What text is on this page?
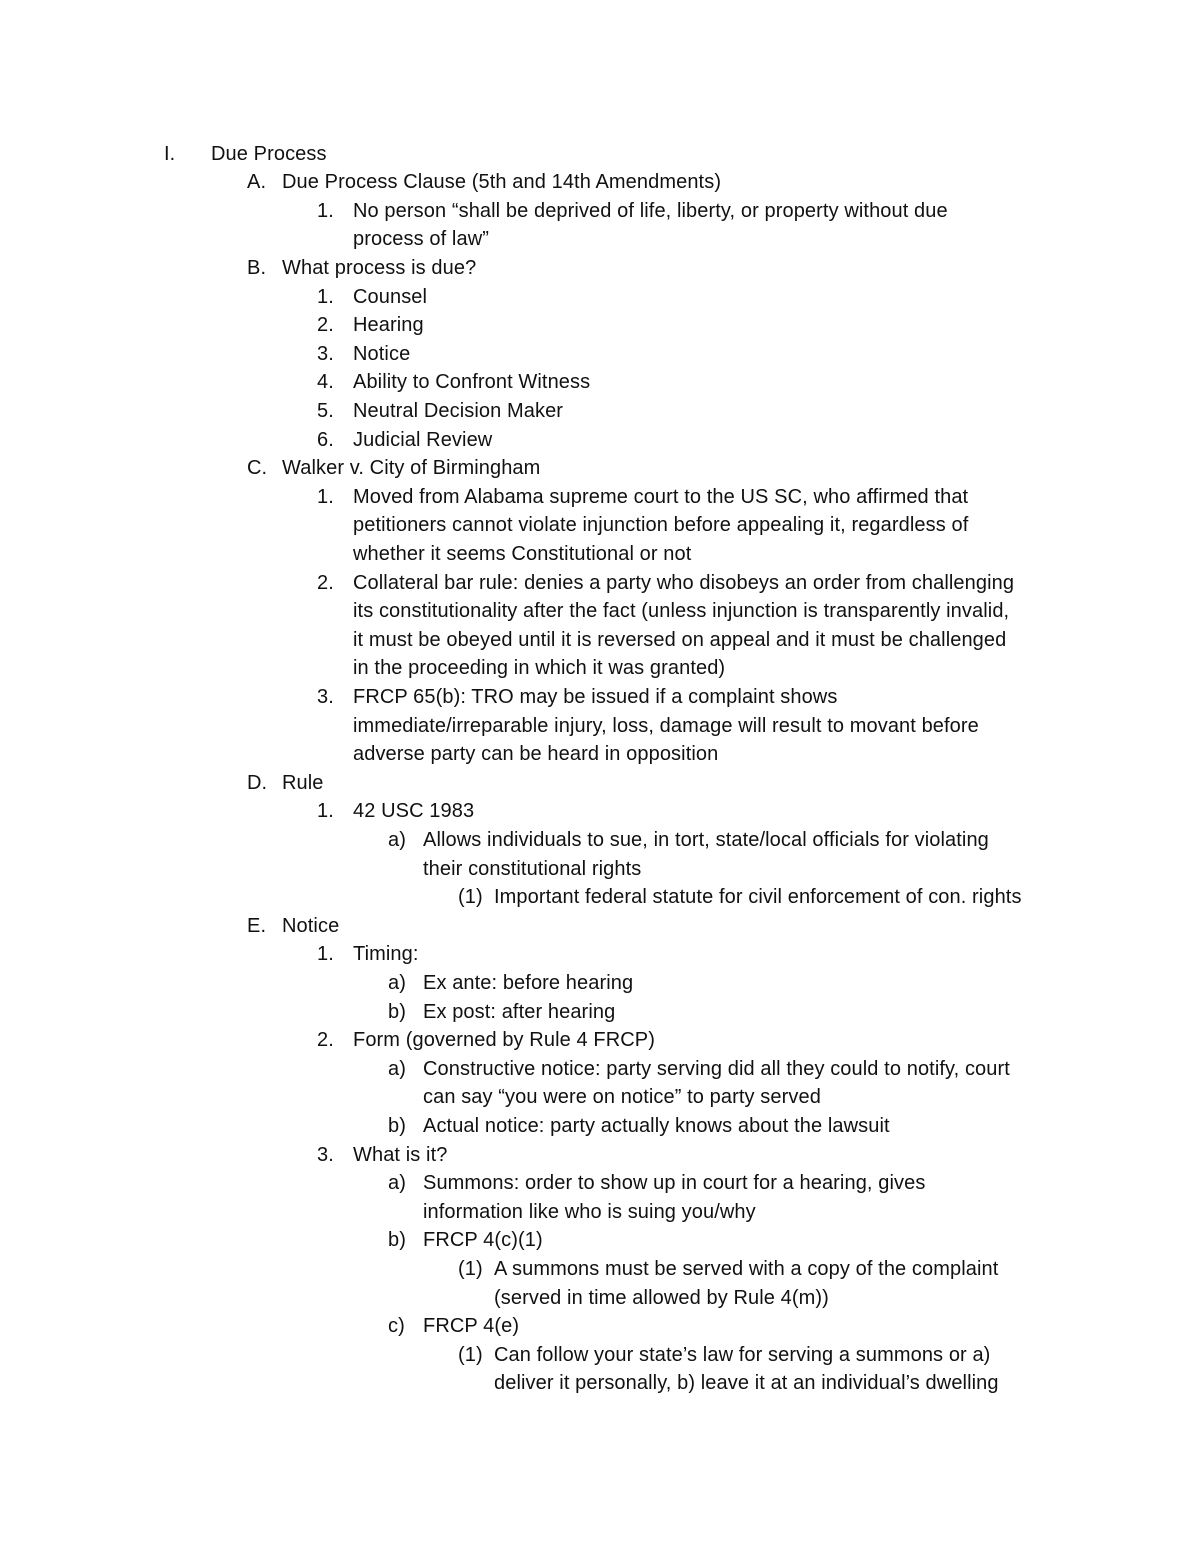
I. Due Process
A. Due Process Clause (5th and 14th Amendments)
1. No person “shall be deprived of life, liberty, or property without due
process of law”
B. What process is due?
1. Counsel
2. Hearing
3. Notice
4. Ability to Confront Witness
5. Neutral Decision Maker
6. Judicial Review
C. Walker v. City of Birmingham
1. Moved from Alabama supreme court to the US SC, who affirmed that
petitioners cannot violate injunction before appealing it, regardless of
whether it seems Constitutional or not
2. Collateral bar rule: denies a party who disobeys an order from challenging
its constitutionality after the fact (unless injunction is transparently invalid,
it must be obeyed until it is reversed on appeal and it must be challenged
in the proceeding in which it was granted)
3. FRCP 65(b): TRO may be issued if a complaint shows
immediate/irreparable injury, loss, damage will result to movant before
adverse party can be heard in opposition
D. Rule
1. 42 USC 1983
a) Allows individuals to sue, in tort, state/local officials for violating
their constitutional rights
(1) Important federal statute for civil enforcement of con. rights
E. Notice
1. Timing:
a) Ex ante: before hearing
b) Ex post: after hearing
2. Form (governed by Rule 4 FRCP)
a) Constructive notice: party serving did all they could to notify, court
can say “you were on notice” to party served
b) Actual notice: party actually knows about the lawsuit
3. What is it?
a) Summons: order to show up in court for a hearing, gives
information like who is suing you/why
b) FRCP 4(c)(1)
(1) A summons must be served with a copy of the complaint
(served in time allowed by Rule 4(m))
c) FRCP 4(e)
(1) Can follow your state’s law for serving a summons or a)
deliver it personally, b) leave it at an individual’s dwelling
